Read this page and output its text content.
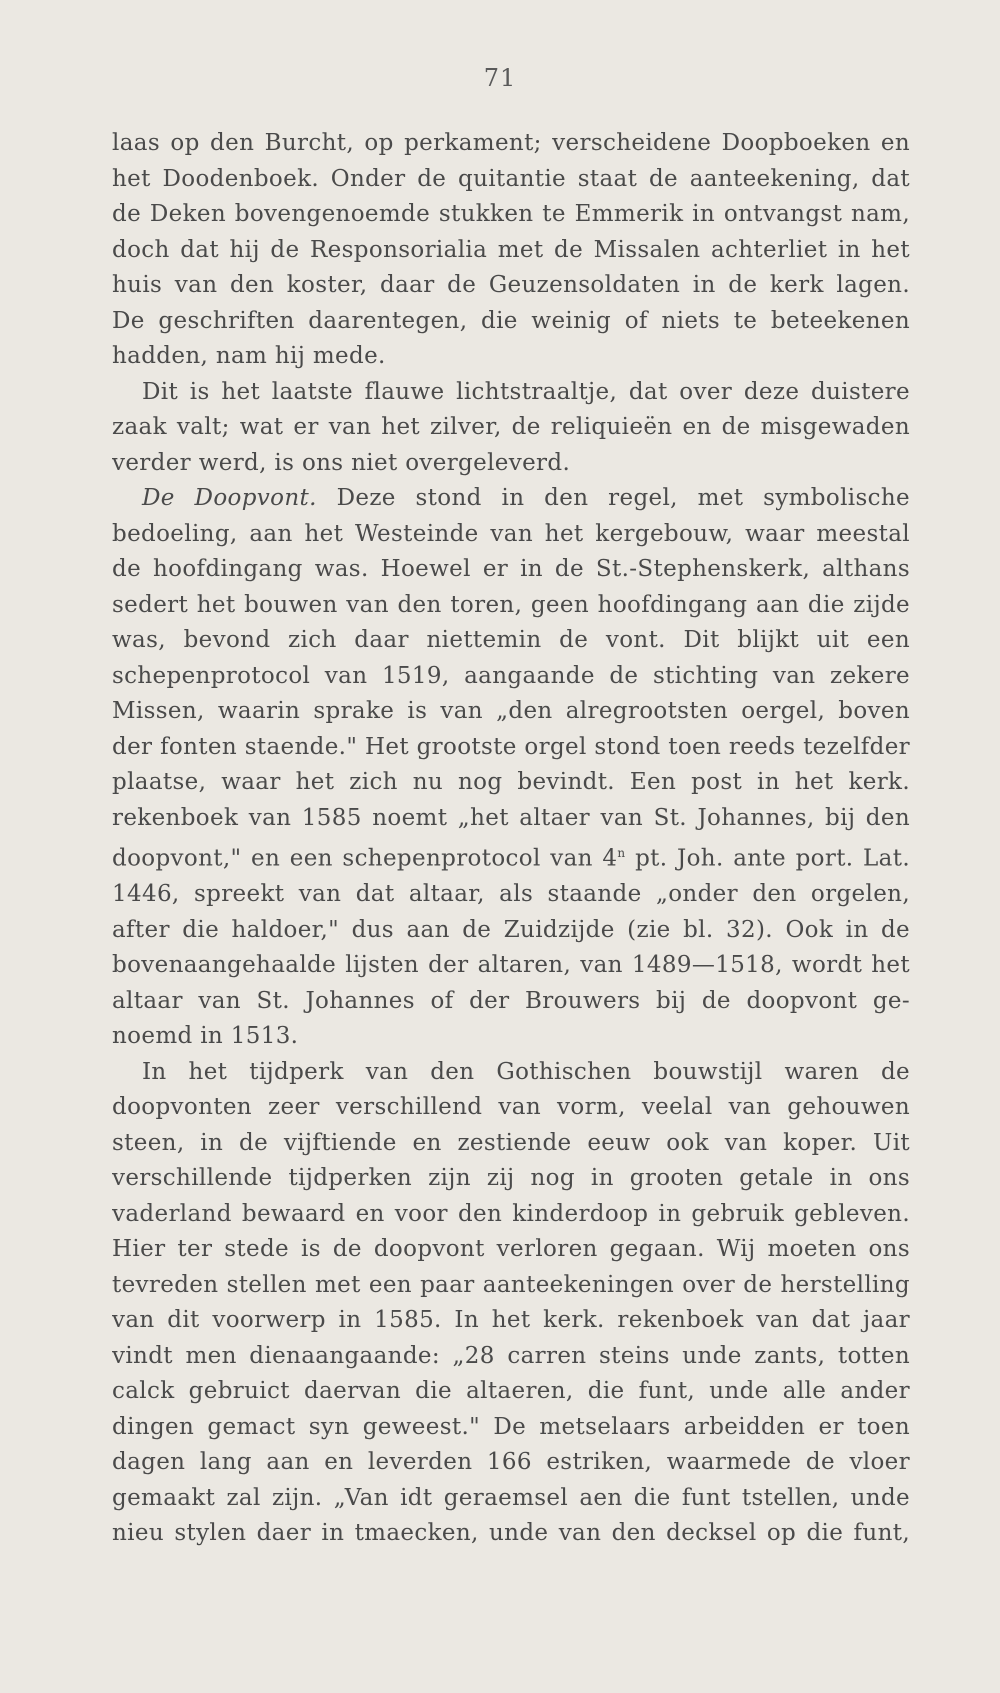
71
laas op den Burcht, op perkament; verscheidene Doopboeken en
het Doodenboek. Onder de quitantie staat de aanteekening, dat
de Deken bovengenoemde stukken te Emmerik in ontvangst nam,
doch dat hij de Responsorialia met de Missalen achterliet in het
huis van den koster, daar de Geuzensoldaten in de kerk lagen.
De geschriften daarentegen, die weinig of niets te beteekenen
hadden, nam hij mede.
Dit is het laatste flauwe lichtstraaltje, dat over deze duistere
zaak valt; wat er van het zilver, de reliquieën en de misgewaden
verder werd, is ons niet overgeleverd.
De Doopvont. Deze stond in den regel, met symbolische
bedoeling, aan het Westeinde van het kergebouw, waar meestal
de hoofdingang was. Hoewel er in de St.-Stephenskerk, althans
sedert het bouwen van den toren, geen hoofdingang aan die zijde
was, bevond zich daar niettemin de vont. Dit blijkt uit een
schepenprotocol van 1519, aangaande de stichting van zekere
Missen, waarin sprake is van „den alregrootsten oergel, boven
der fonten staende." Het grootste orgel stond toen reeds tezelfder
plaatse, waar het zich nu nog bevindt. Een post in het kerk.
rekenboek van 1585 noemt „het altaer van St. Johannes, bij den
doopvont," en een schepenprotocol van 4$^n$ pt. Joh. ante port. Lat.
1446, spreekt van dat altaar, als staande „onder den orgelen,
after die haldoer," dus aan de Zuidzijde (zie bl. 32). Ook in de
bovenaangehaalde lijsten der altaren, van 1489—1518, wordt het
altaar van St. Johannes of der Brouwers bij de doopvont ge-
noemd in 1513.
In het tijdperk van den Gothischen bouwstijl waren de
doopvonten zeer verschillend van vorm, veelal van gehouwen
steen, in de vijftiende en zestiende eeuw ook van koper. Uit
verschillende tijdperken zijn zij nog in grooten getale in ons
vaderland bewaard en voor den kinderdoop in gebruik gebleven.
Hier ter stede is de doopvont verloren gegaan. Wij moeten ons
tevreden stellen met een paar aanteekeningen over de herstelling
van dit voorwerp in 1585. In het kerk. rekenboek van dat jaar
vindt men dienaangaande: „28 carren steins unde zants, totten
calck gebruict daervan die altaeren, die funt, unde alle ander
dingen gemact syn geweest." De metselaars arbeidden er toen
dagen lang aan en leverden 166 estriken, waarmede de vloer
gemaakt zal zijn. „Van idt geraemsel aen die funt tstellen, unde
nieu stylen daer in tmaecken, unde van den decksel op die funt,
